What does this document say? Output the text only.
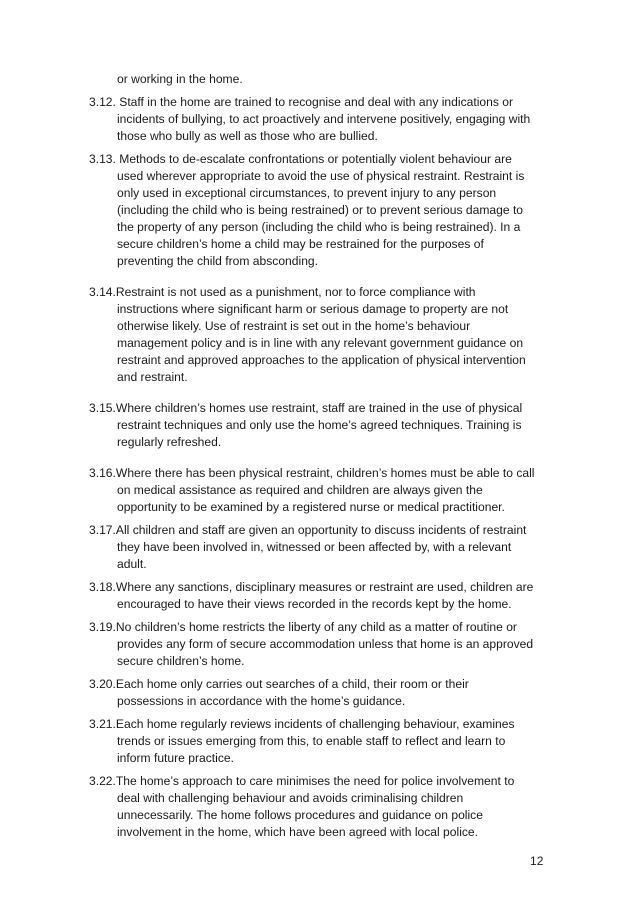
or working in the home.
3.12. Staff in the home are trained to recognise and deal with any indications or
incidents of bullying, to act proactively and intervene positively, engaging with
those who bully as well as those who are bullied.
3.13. Methods to de-escalate confrontations or potentially violent behaviour are
used wherever appropriate to avoid the use of physical restraint. Restraint is
only used in exceptional circumstances, to prevent injury to any person
(including the child who is being restrained) or to prevent serious damage to
the property of any person (including the child who is being restrained). In a
secure children’s home a child may be restrained for the purposes of
preventing the child from absconding.
3.14.Restraint is not used as a punishment, nor to force compliance with
instructions where significant harm or serious damage to property are not
otherwise likely. Use of restraint is set out in the home’s behaviour
management policy and is in line with any relevant government guidance on
restraint and approved approaches to the application of physical intervention
and restraint.
3.15.Where children’s homes use restraint, staff are trained in the use of physical
restraint techniques and only use the home’s agreed techniques. Training is
regularly refreshed.
3.16.Where there has been physical restraint, children’s homes must be able to call
on medical assistance as required and children are always given the
opportunity to be examined by a registered nurse or medical practitioner.
3.17.All children and staff are given an opportunity to discuss incidents of restraint
they have been involved in, witnessed or been affected by, with a relevant
adult.
3.18.Where any sanctions, disciplinary measures or restraint are used, children are
encouraged to have their views recorded in the records kept by the home.
3.19.No children’s home restricts the liberty of any child as a matter of routine or
provides any form of secure accommodation unless that home is an approved
secure children’s home.
3.20.Each home only carries out searches of a child, their room or their
possessions in accordance with the home’s guidance.
3.21.Each home regularly reviews incidents of challenging behaviour, examines
trends or issues emerging from this, to enable staff to reflect and learn to
inform future practice.
3.22.The home’s approach to care minimises the need for police involvement to
deal with challenging behaviour and avoids criminalising children
unnecessarily. The home follows procedures and guidance on police
involvement in the home, which have been agreed with local police.
12
